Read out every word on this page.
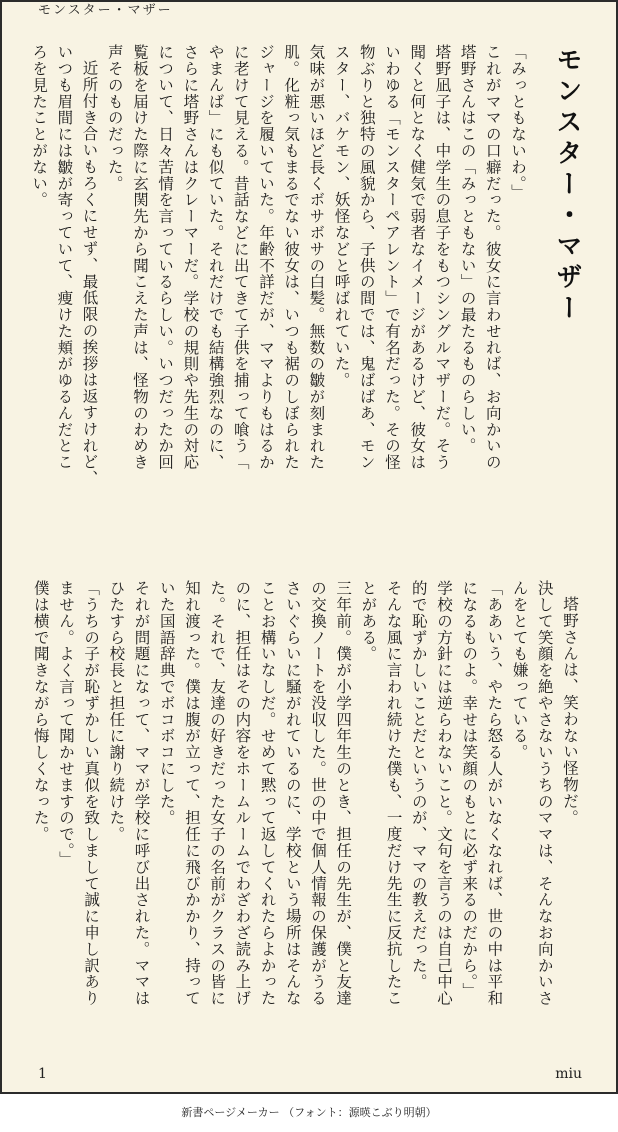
モンスター・マザー
モンスター・マザー

「みっともないわ。」

これがママの口癖だった。彼女に言わせれば、お向かいの

塔野さんはこの「みっともない」の最たるものらしい。

塔野凪子は、中学生の息子をもつシングルマザーだ。そう

聞くと何となく健気で弱者なイメージがあるけど、彼女は

いわゆる「モンスターペアレント」で有名だった。その怪

物ぶりと独特の風貌から、子供の間では、鬼ばばあ、モン

スター、バケモン、妖怪などと呼ばれていた。

気味が悪いほど長くボサボサの白髪。無数の皺が刻まれた

肌。化粧っ気もまるでない彼女は、いつも裾のしぼられた

ジャージを履いていた。年齢不詳だが、ママよりもはるか

に老けて見える。昔話などに出てきて子供を捕って喰う「

やまんば」にも似ていた。それだけでも結構強烈なのに、

さらに塔野さんはクレーマーだ。学校の規則や先生の対応

について、日々苦情を言っているらしい。いつだったか回

覧板を届けた際に玄関先から聞こえた声は、怪物のわめき

声そのものだった。

近所付き合いもろくにせず、最低限の挨拶は返すけれど、

いつも眉間には皺が寄っていて、痩けた頬がゆるんだとこ

ろを見たことがない。

塔野さんは、笑わない怪物だ。

決して笑顔を絶やさないうちのママは、そんなお向かいさ

んをとても嫌っている。

「ああいう、やたら怒る人がいなくなれば、世の中は平和

になるものよ。幸せは笑顔のもとに必ず来るのだから。」

学校の方針には逆らわないこと。文句を言うのは自己中心

的で恥ずかしいことだというのが、ママの教えだった。

そんな風に言われ続けた僕も、一度だけ先生に反抗したこ

とがある。

三年前。僕が小学四年生のとき、担任の先生が、僕と友達

の交換ノートを没収した。世の中で個人情報の保護がうる

さいぐらいに騒がれているのに、学校という場所はそんな

ことお構いなしだ。せめて黙って返してくれたらよかった

のに、担任はその内容をホームルームでわざわざ読み上げ

た。それで、友達の好きだった女子の名前がクラスの皆に

知れ渡った。僕は腹が立って、担任に飛びかかり、持って

いた国語辞典でボコボコにした。

それが問題になって、ママが学校に呼び出された。ママは

ひたすら校長と担任に謝り続けた。

「うちの子が恥ずかしい真似を致しまして誠に申し訳あり

ません。よく言って聞かせますので。」

僕は横で聞きながら悔しくなった。

1	miu
新書ページメーカー （フォント：源暎こぶり明朝）
